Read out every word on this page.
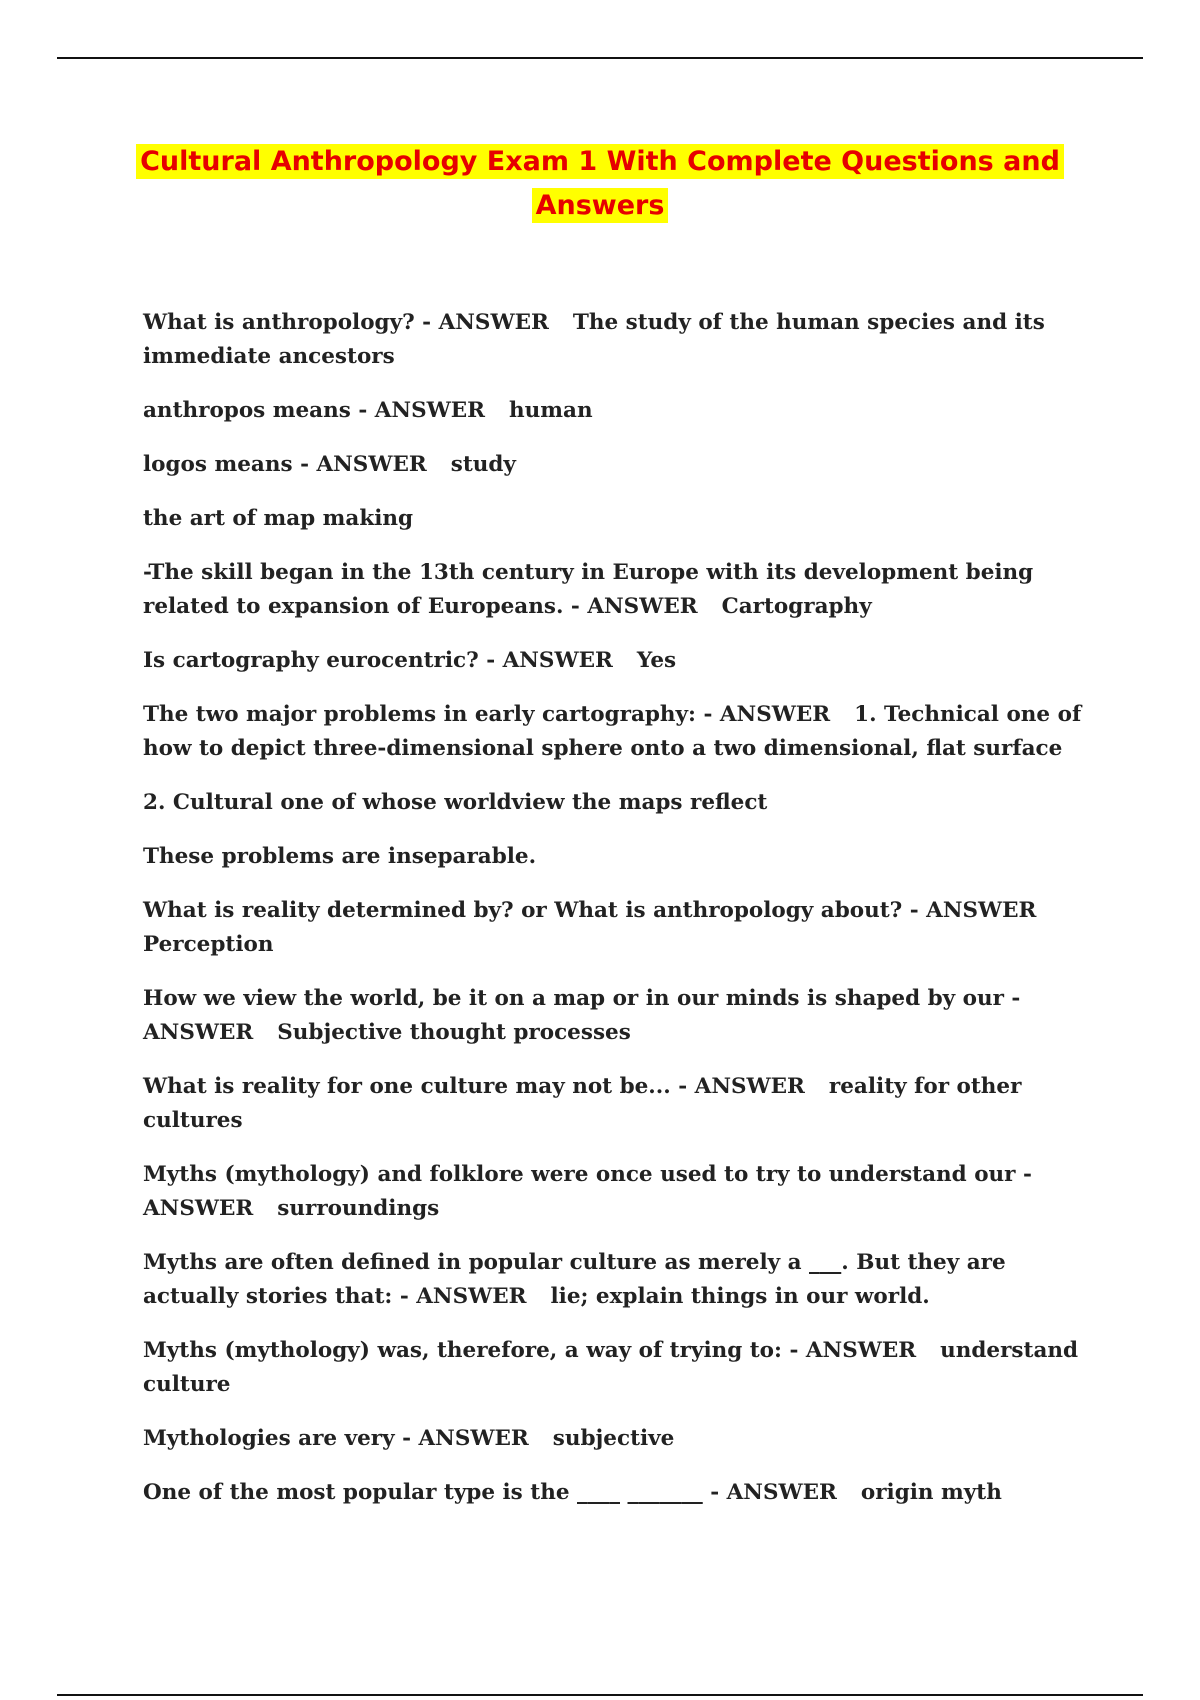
Cultural Anthropology Exam 1 With Complete Questions and Answers

What is anthropology? - ANSWER The study of the human species and its immediate ancestors

anthropos means - ANSWER human

logos means - ANSWER study

the art of map making

-The skill began in the 13th century in Europe with its development being related to expansion of Europeans. - ANSWER Cartography

Is cartography eurocentric? - ANSWER Yes

The two major problems in early cartography: - ANSWER 1. Technical one of how to depict three-dimensional sphere onto a two dimensional, flat surface

2. Cultural one of whose worldview the maps reflect

These problems are inseparable.

What is reality determined by? or What is anthropology about? - ANSWERPerception

How we view the world, be it on a map or in our minds is shaped by our - ANSWER Subjective thought processes

What is reality for one culture may not be... - ANSWER reality for other cultures

Myths (mythology) and folklore were once used to try to understand our - ANSWER surroundings

Myths are often defined in popular culture as merely a ___. But they are actually stories that: - ANSWER lie; explain things in our world.

Myths (mythology) was, therefore, a way of trying to: - ANSWER understand culture

Mythologies are very - ANSWER subjective

One of the most popular type is the ____ _______ - ANSWER origin myth
